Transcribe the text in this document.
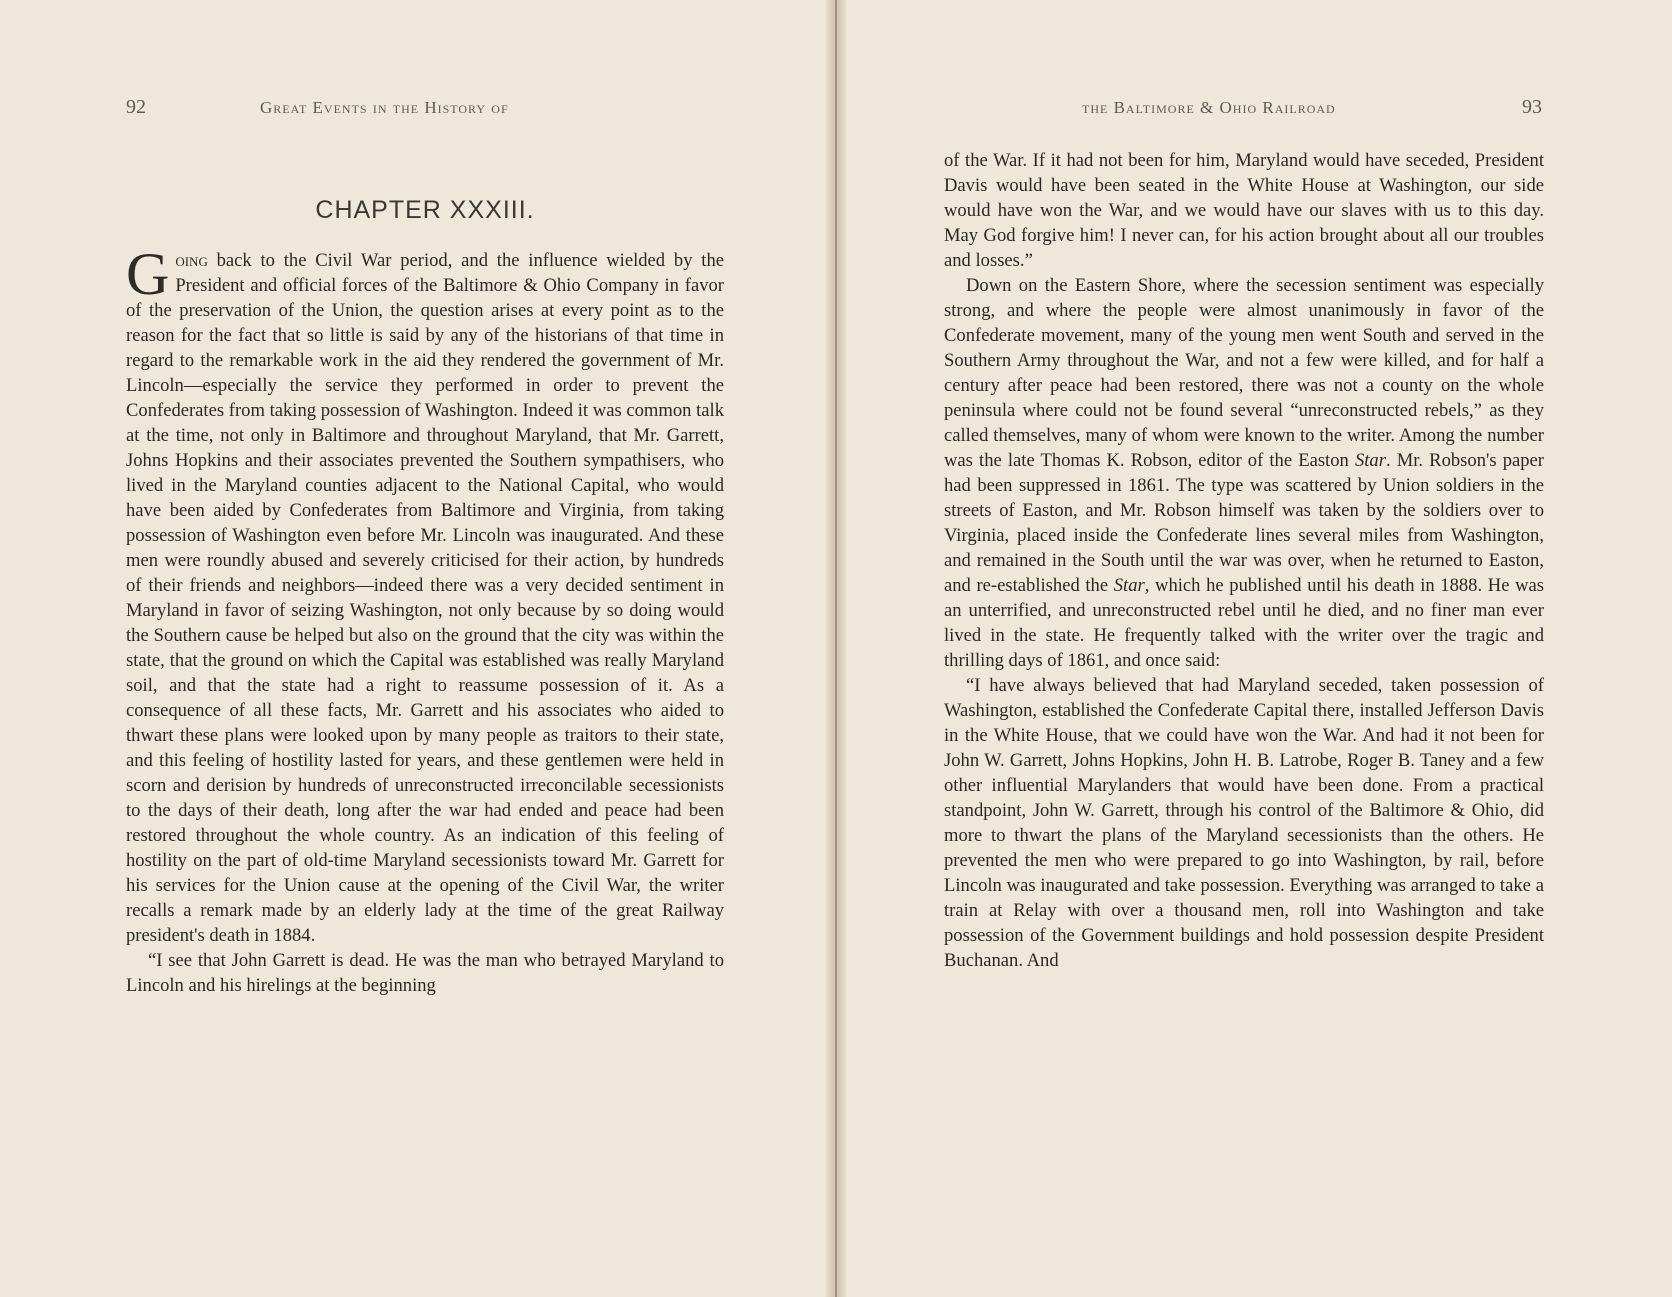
92	Great Events in the History of
CHAPTER XXXIII.

Going back to the Civil War period, and the influence wielded by the President and official forces of the Baltimore & Ohio Company in favor of the preservation of the Union, the question arises at every point as to the reason for the fact that so little is said by any of the historians of that time in regard to the remarkable work in the aid they rendered the government of Mr. Lincoln—especially the service they performed in order to prevent the Confederates from taking possession of Washington. Indeed it was common talk at the time, not only in Baltimore and throughout Maryland, that Mr. Garrett, Johns Hopkins and their associates prevented the Southern sympathisers, who lived in the Maryland counties adjacent to the National Capital, who would have been aided by Confederates from Baltimore and Virginia, from taking possession of Washington even before Mr. Lincoln was inaugurated. And these men were roundly abused and severely criticised for their action, by hundreds of their friends and neighbors—indeed there was a very decided sentiment in Maryland in favor of seizing Washington, not only because by so doing would the Southern cause be helped but also on the ground that the city was within the state, that the ground on which the Capital was established was really Maryland soil, and that the state had a right to reassume possession of it. As a consequence of all these facts, Mr. Garrett and his associates who aided to thwart these plans were looked upon by many people as traitors to their state, and this feeling of hostility lasted for years, and these gentlemen were held in scorn and derision by hundreds of unreconstructed irreconcilable secessionists to the days of their death, long after the war had ended and peace had been restored throughout the whole country. As an indication of this feeling of hostility on the part of old-time Maryland secessionists toward Mr. Garrett for his services for the Union cause at the opening of the Civil War, the writer recalls a remark made by an elderly lady at the time of the great Railway president's death in 1884.

“I see that John Garrett is dead. He was the man who betrayed Maryland to Lincoln and his hirelings at the beginning

the Baltimore & Ohio Railroad	93

of the War. If it had not been for him, Maryland would have seceded, President Davis would have been seated in the White House at Washington, our side would have won the War, and we would have our slaves with us to this day. May God forgive him! I never can, for his action brought about all our troubles and losses.”

Down on the Eastern Shore, where the secession sentiment was especially strong, and where the people were almost unanimously in favor of the Confederate movement, many of the young men went South and served in the Southern Army throughout the War, and not a few were killed, and for half a century after peace had been restored, there was not a county on the whole peninsula where could not be found several “unreconstructed rebels,” as they called themselves, many of whom were known to the writer. Among the number was the late Thomas K. Robson, editor of the Easton Star. Mr. Robson's paper had been suppressed in 1861. The type was scattered by Union soldiers in the streets of Easton, and Mr. Robson himself was taken by the soldiers over to Virginia, placed inside the Confederate lines several miles from Washington, and remained in the South until the war was over, when he returned to Easton, and re-established the Star, which he published until his death in 1888. He was an unterrified, and unreconstructed rebel until he died, and no finer man ever lived in the state. He frequently talked with the writer over the tragic and thrilling days of 1861, and once said:

“I have always believed that had Maryland seceded, taken possession of Washington, established the Confederate Capital there, installed Jefferson Davis in the White House, that we could have won the War. And had it not been for John W. Garrett, Johns Hopkins, John H. B. Latrobe, Roger B. Taney and a few other influential Marylanders that would have been done. From a practical standpoint, John W. Garrett, through his control of the Baltimore & Ohio, did more to thwart the plans of the Maryland secessionists than the others. He prevented the men who were prepared to go into Washington, by rail, before Lincoln was inaugurated and take possession. Everything was arranged to take a train at Relay with over a thousand men, roll into Washington and take possession of the Government buildings and hold possession despite President Buchanan. And
